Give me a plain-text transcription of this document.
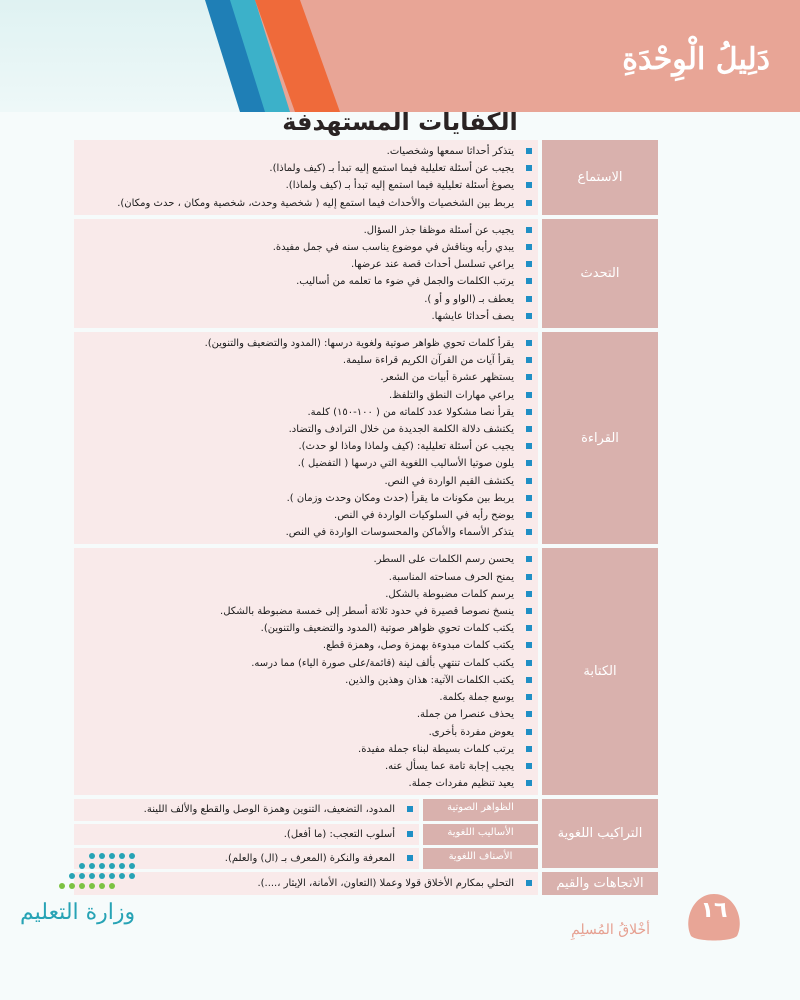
دَلِيلُ الْوِحْدَةِ
الكفايات المستهدفة
الاستماع	
يتذكر أحداثا سمعها وشخصيات.
يجيب عن أسئلة تعليلية فيما استمع إليه تبدأ بـ (كيف ولماذا).
يصوغ أسئلة تعليلية فيما استمع إليه تبدأ بـ (كيف ولماذا).
يربط بين الشخصيات والأحداث فيما استمع إليه ( شخصية وحدث، شخصية ومكان ، حدث ومكان).

التحدث	
يجيب عن أسئلة موظفا جذر السؤال.
يبدي رأيه ويناقش في موضوع يناسب سنه في جمل مفيدة.
يراعي تسلسل أحداث قصة عند عرضها.
يرتب الكلمات والجمل في ضوء ما تعلمه من أساليب.
يعطف بـ (الواو و أو ).
يصف أحداثا عايشها.

القراءة	
يقرأ كلمات تحوي ظواهر صوتية ولغوية درسها: (المدود والتضعيف والتنوين).
يقرأ آيات من القرآن الكريم قراءة سليمة.
يستظهر عشرة أبيات من الشعر.
يراعي مهارات النطق والتلفظ.
يقرأ نصا مشكولا عدد كلماته من ( ١٠٠-١٥٠) كلمة.
يكتشف دلالة الكلمة الجديدة من خلال الترادف والتضاد.
يجيب عن أسئلة تعليلية: (كيف ولماذا وماذا لو حدث).
يلون صوتيا الأساليب اللغوية التي درسها ( التفضيل ).
يكتشف القيم الواردة في النص.
يربط بين مكونات ما يقرأ (حدث ومكان وحدث وزمان ).
يوضح رأيه في السلوكيات الواردة في النص.
يتذكر الأسماء والأماكن والمحسوسات الواردة في النص.

الكتابة	
يحسن رسم الكلمات على السطر.
يمنح الحرف مساحته المناسبة.
يرسم كلمات مضبوطة بالشكل.
ينسخ نصوصا قصيرة في حدود ثلاثة أسطر إلى خمسة مضبوطة بالشكل.
يكتب كلمات تحوي ظواهر صوتية (المدود والتضعيف والتنوين).
يكتب كلمات مبدوءة بهمزة وصل، وهمزة قطع.
يكتب كلمات تنتهي بألف لينة (قائمة/على صورة الياء) مما درسه.
يكتب الكلمات الآتية: هذان وهذين والذين.
يوسع جملة بكلمة.
يحذف عنصرا من جملة.
يعوض مفردة بأخرى.
يرتب كلمات بسيطة لبناء جملة مفيدة.
يجيب إجابة تامة عما يسأل عنه.
يعيد تنظيم مفردات جملة.

التراكيب اللغوية	
الظواهر الصوتية	
المدود، التضعيف، التنوين وهمزة الوصل والقطع والألف اللينة.

الأساليب اللغوية	
أسلوب التعجب: (ما أفعل).

الأصناف اللغوية	
المعرفة والنكرة (المعرف بـ (ال) والعلم).

الاتجاهات والقيم	
التحلي بمكارم الأخلاق قولا وعملا (التعاون، الأمانة، الإيثار ،....).
وزارة التعليم	١٦
أخْلاقُ المُسلِمِ
